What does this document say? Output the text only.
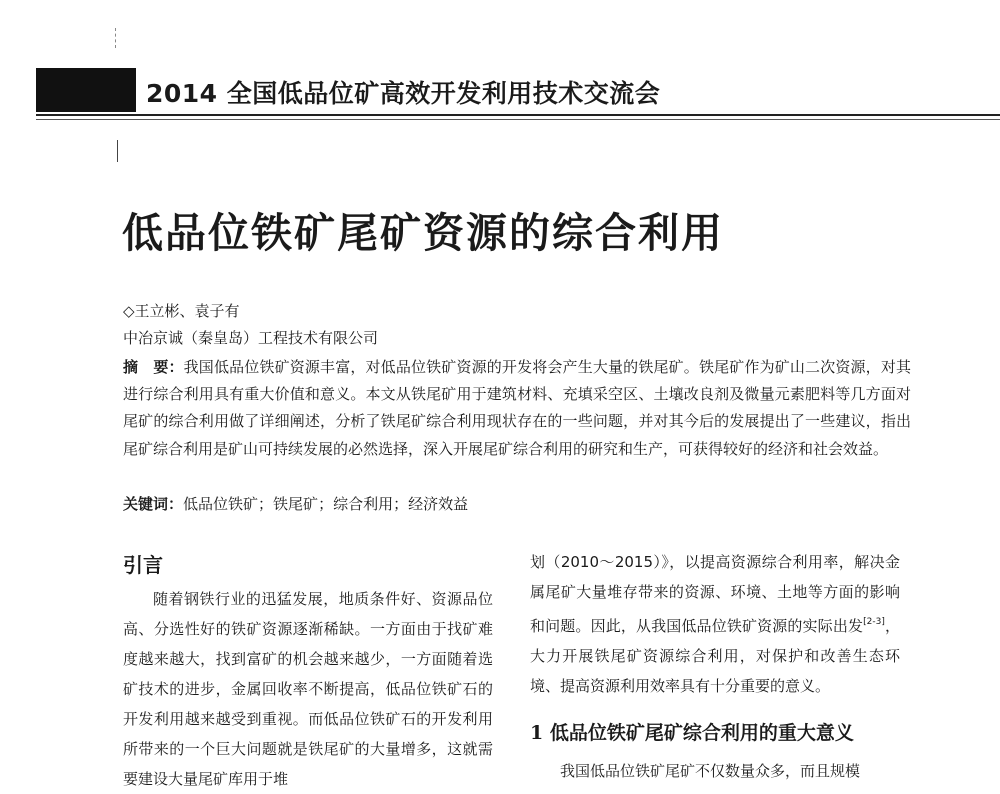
2014 全国低品位矿高效开发利用技术交流会
低品位铁矿尾矿资源的综合利用
◇王立彬、袁子有
中冶京诚（秦皇岛）工程技术有限公司
摘　要：我国低品位铁矿资源丰富，对低品位铁矿资源的开发将会产生大量的铁尾矿。铁尾矿作为矿山二次资源，对其进行综合利用具有重大价值和意义。本文从铁尾矿用于建筑材料、充填采空区、土壤改良剂及微量元素肥料等几方面对尾矿的综合利用做了详细阐述，分析了铁尾矿综合利用现状存在的一些问题，并对其今后的发展提出了一些建议，指出尾矿综合利用是矿山可持续发展的必然选择，深入开展尾矿综合利用的研究和生产，可获得较好的经济和社会效益。
关键词：低品位铁矿 ； 铁尾矿 ； 综合利用 ； 经济效益
引言
随着钢铁行业的迅猛发展，地质条件好、资源品位高、分选性好的铁矿资源逐渐稀缺。一方面由于找矿难度越来越大，找到富矿的机会越来越少，一方面随着选矿技术的进步，金属回收率不断提高，低品位铁矿石的开发利用越来越受到重视。而低品位铁矿石的开发利用所带来的一个巨大问题就是铁尾矿的大量增多，这就需要建设大量尾矿库用于堆
划（2010～2015）》，以提高资源综合利用率，解决金属尾矿大量堆存带来的资源、环境、土地等方面的影响和问题。因此，从我国低品位铁矿资源的实际出发[2-3]，大力开展铁尾矿资源综合利用，对保护和改善生态环境、提高资源利用效率具有十分重要的意义。
1 低品位铁矿尾矿综合利用的重大意义
我国低品位铁矿尾矿不仅数量众多，而且规模
